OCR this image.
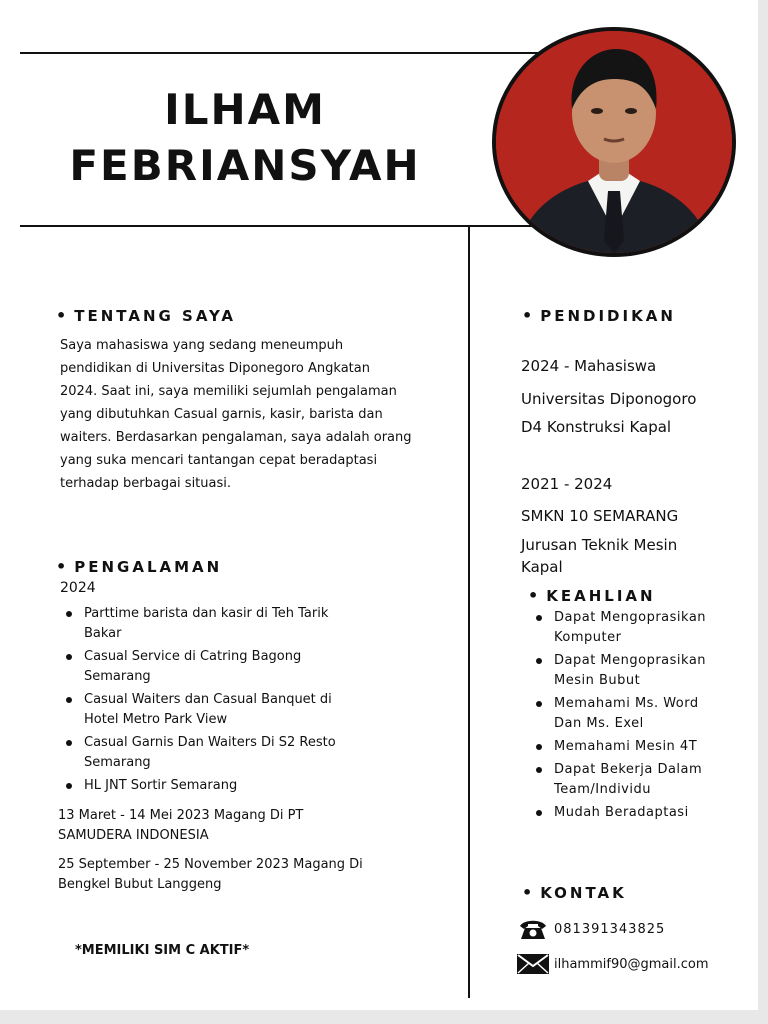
ILHAM
FEBRIANSYAH
• TENTANG SAYA

Saya mahasiswa yang sedang meneumpuh
pendidikan di Universitas Diponegoro Angkatan
2024. Saat ini, saya memiliki sejumlah pengalaman
yang dibutuhkan Casual garnis, kasir, barista dan
waiters. Berdasarkan pengalaman, saya adalah orang
yang suka mencari tantangan cepat beradaptasi
terhadap berbagai situasi.

• PENGALAMAN

2024

Parttime barista dan kasir di Teh Tarik
Bakar
Casual Service di Catring Bagong
Semarang
Casual Waiters dan Casual Banquet di
Hotel Metro Park View
Casual Garnis Dan Waiters Di S2 Resto
Semarang
HL JNT Sortir Semarang

13 Maret - 14 Mei 2023 Magang Di PT
SAMUDERA INDONESIA

25 September - 25 November 2023 Magang Di
Bengkel Bubut Langgeng

*MEMILIKI SIM C AKTIF*

• PENDIDIKAN

2024 - Mahasiswa

Universitas Diponogoro

D4 Konstruksi Kapal

2021 - 2024

SMKN 10 SEMARANG

Jurusan Teknik Mesin
Kapal

• KEAHLIAN
Dapat Mengoprasikan
Komputer
Dapat Mengoprasikan
Mesin Bubut
Memahami Ms. Word
Dan Ms. Exel
Memahami Mesin 4T
Dapat Bekerja Dalam
Team/Individu
Mudah Beradaptasi
• KONTAK
081391343825
ilhammif90@gmail.com
